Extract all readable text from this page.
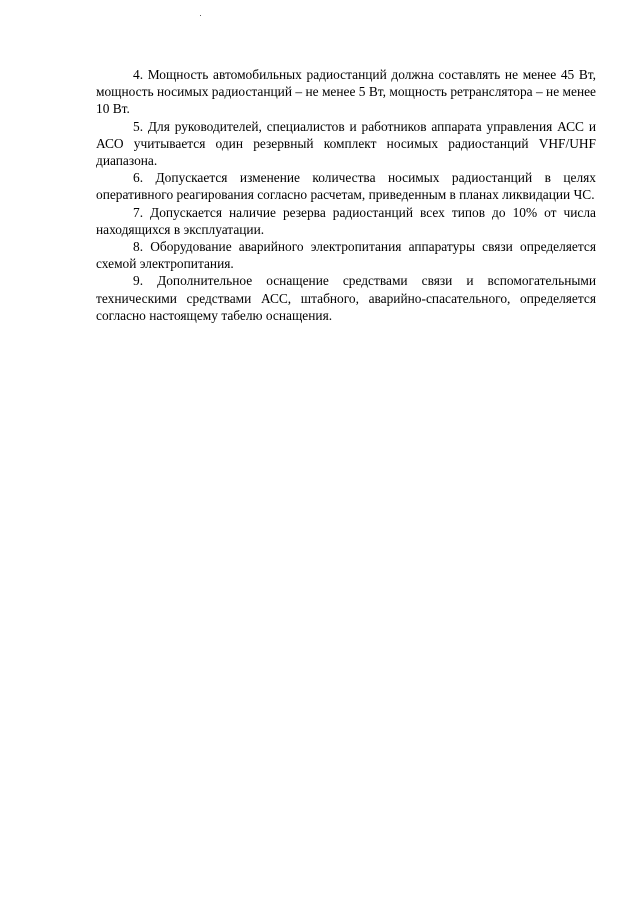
4. Мощность автомобильных радиостанций должна составлять не менее 45 Вт, мощность носимых радиостанций – не менее 5 Вт, мощность ретранслятора – не менее 10 Вт.

5. Для руководителей, специалистов и работников аппарата управления АСС и АСО учитывается один резервный комплект носимых радиостанций VHF/UHF диапазона.

6. Допускается изменение количества носимых радиостанций в целях оперативного реагирования согласно расчетам, приведенным в планах ликвидации ЧС.

7. Допускается наличие резерва радиостанций всех типов до 10% от числа находящихся в эксплуатации.

8. Оборудование аварийного электропитания аппаратуры связи определяется схемой электропитания.

9. Дополнительное оснащение средствами связи и вспомогательными техническими средствами АСС, штабного, аварийно-спасательного, определяется согласно настоящему табелю оснащения.
